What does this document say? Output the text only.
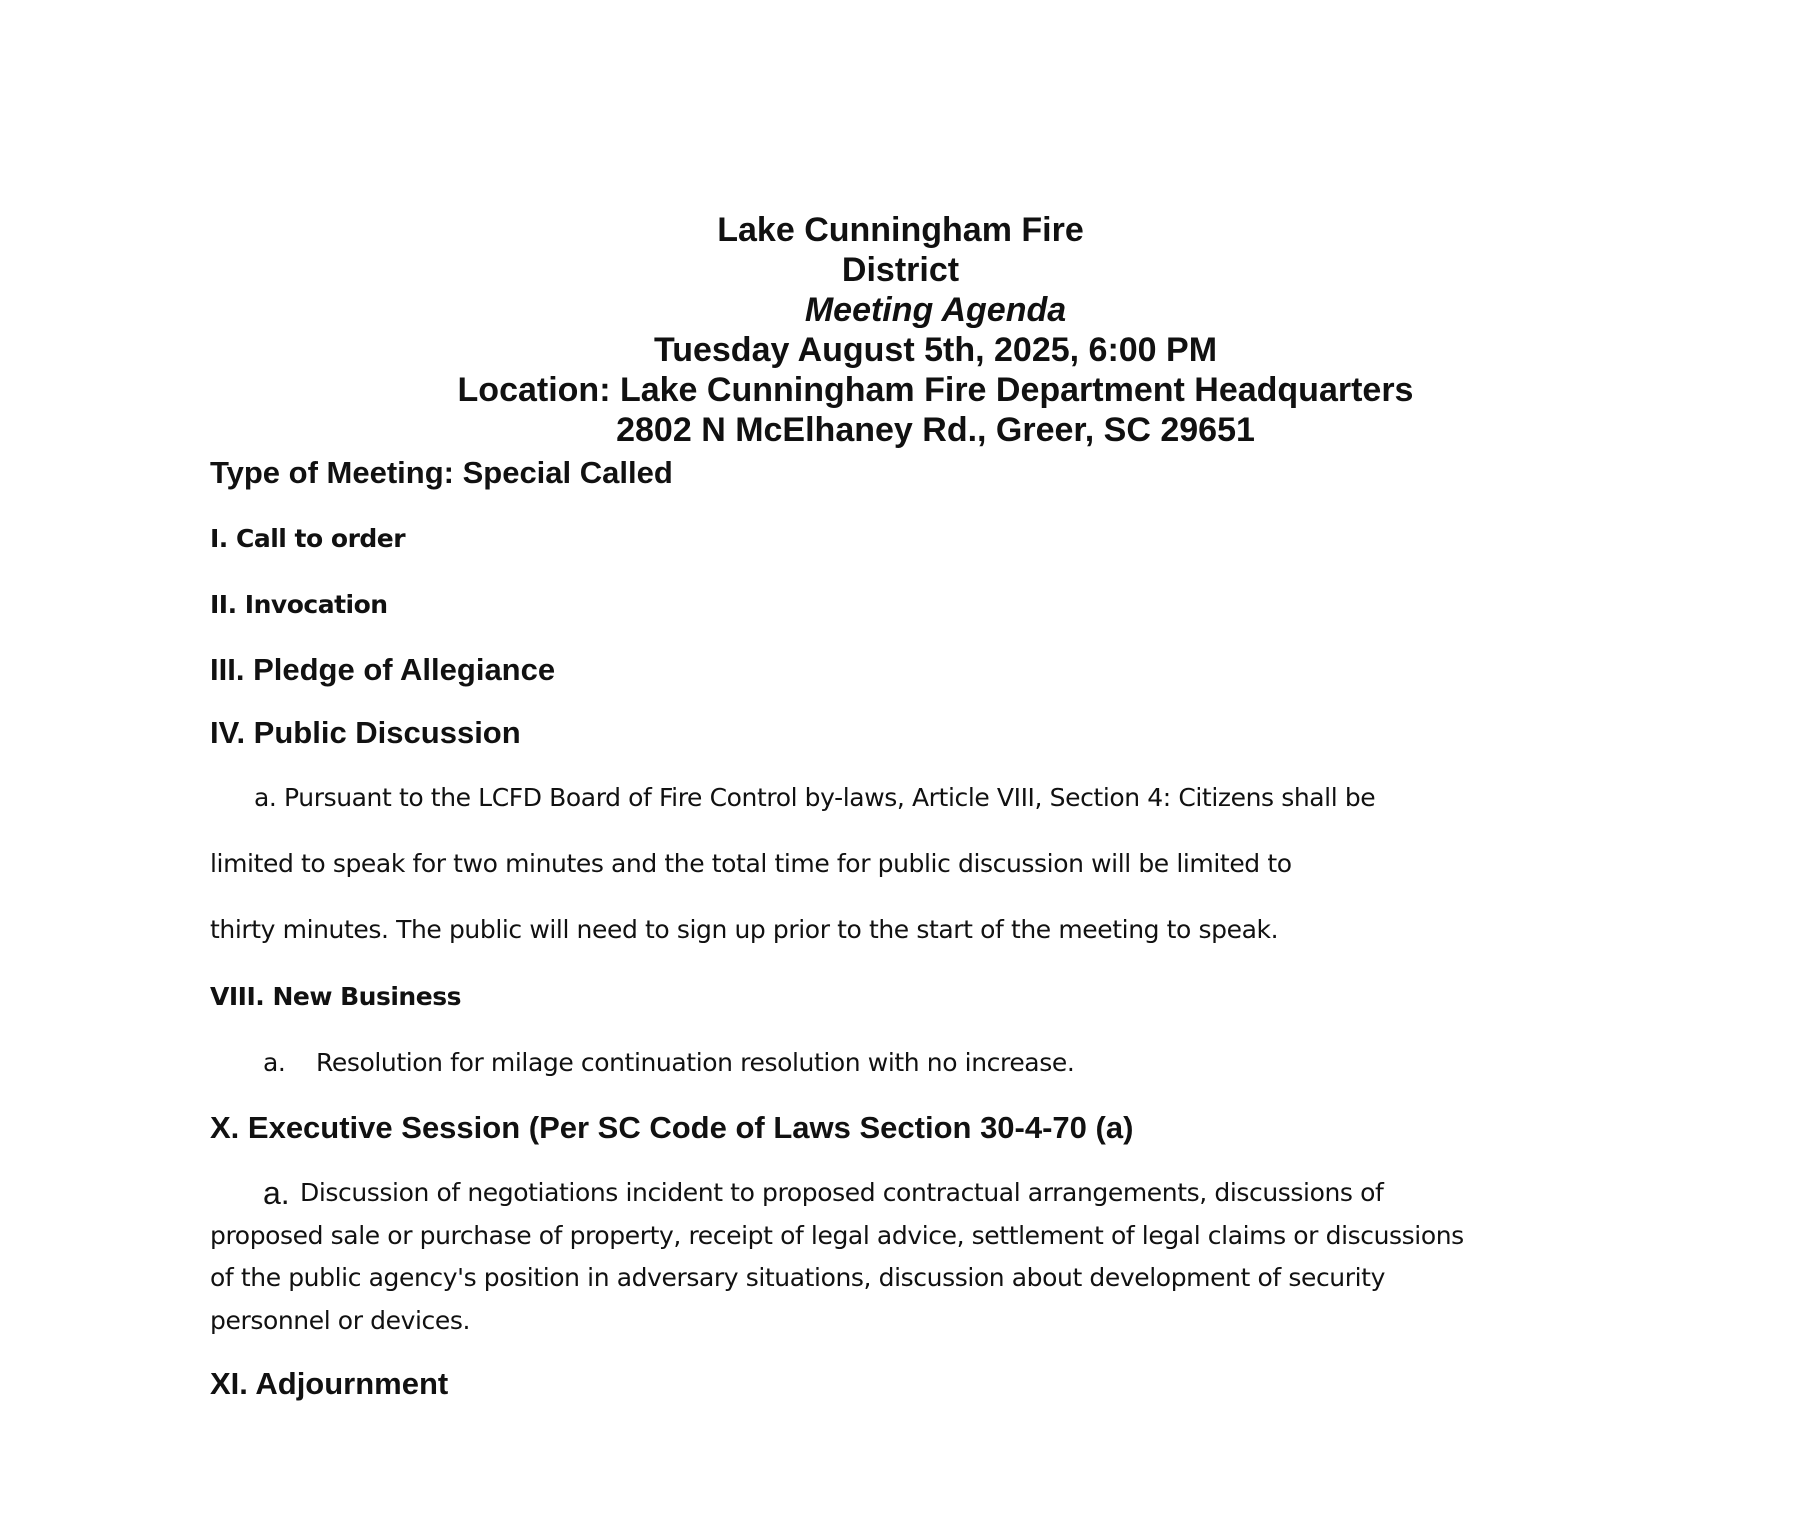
Lake Cunningham Fire
District
Meeting Agenda
Tuesday August 5th, 2025, 6:00 PM
Location: Lake Cunningham Fire Department Headquarters
2802 N McElhaney Rd., Greer, SC 29651
Type of Meeting: Special Called
I. Call to order
II. Invocation
III. Pledge of Allegiance
IV. Public Discussion
a. Pursuant to the LCFD Board of Fire Control by-laws, Article VIII, Section 4: Citizens shall be
limited to speak for two minutes and the total time for public discussion will be limited to
thirty minutes. The public will need to sign up prior to the start of the meeting to speak.
VIII. New Business
a. Resolution for milage continuation resolution with no increase.
X. Executive Session (Per SC Code of Laws Section 30-4-70 (a)
a. Discussion of negotiations incident to proposed contractual arrangements, discussions of
proposed sale or purchase of property, receipt of legal advice, settlement of legal claims or discussions
of the public agency's position in adversary situations, discussion about development of security
personnel or devices.
XI. Adjournment
